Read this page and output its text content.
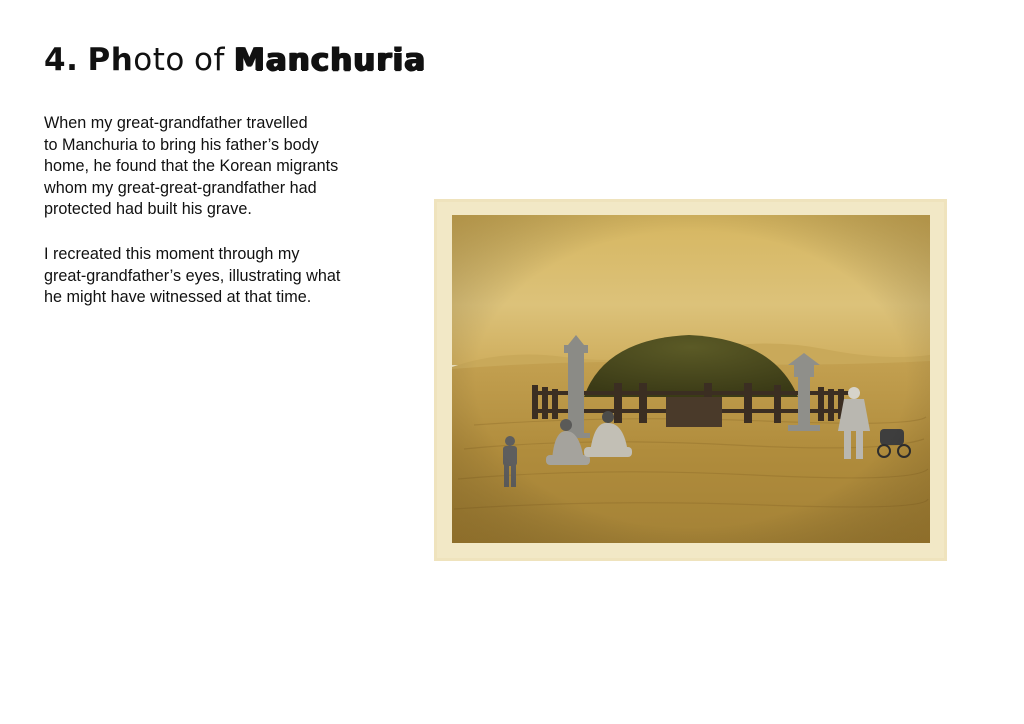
4. Photo of Manchuria

When my great-grandfather travelled
to Manchuria to bring his father’s body
home, he found that the Korean migrants
whom my great-great-grandfather had
protected had built his grave.

I recreated this moment through my
great-grandfather’s eyes, illustrating what
he might have witnessed at that time.
